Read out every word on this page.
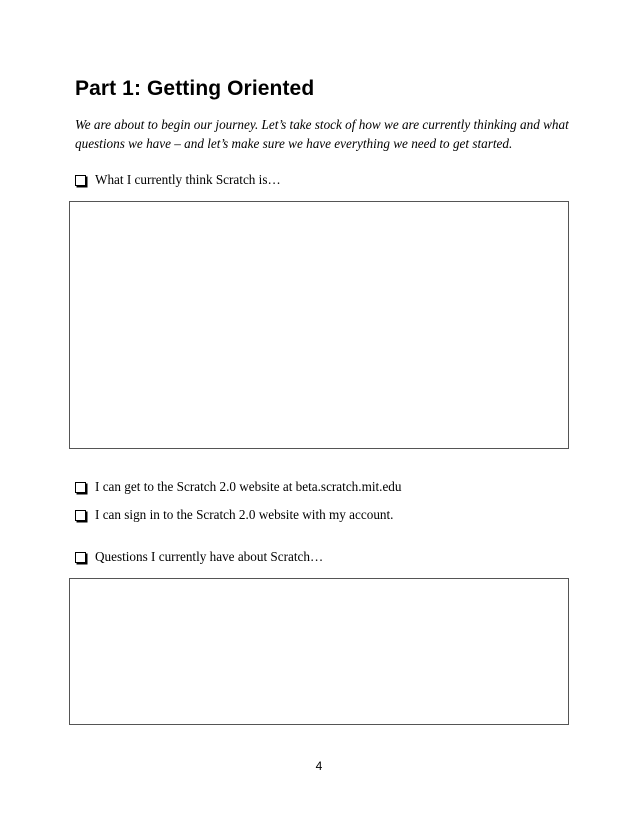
Part 1: Getting Oriented

We are about to begin our journey. Let’s take stock of how we are currently thinking and what questions we have – and let’s make sure we have everything we need to get started.

What I currently think Scratch is…
I can get to the Scratch 2.0 website at beta.scratch.mit.edu
I can sign in to the Scratch 2.0 website with my account.
Questions I currently have about Scratch…
4
